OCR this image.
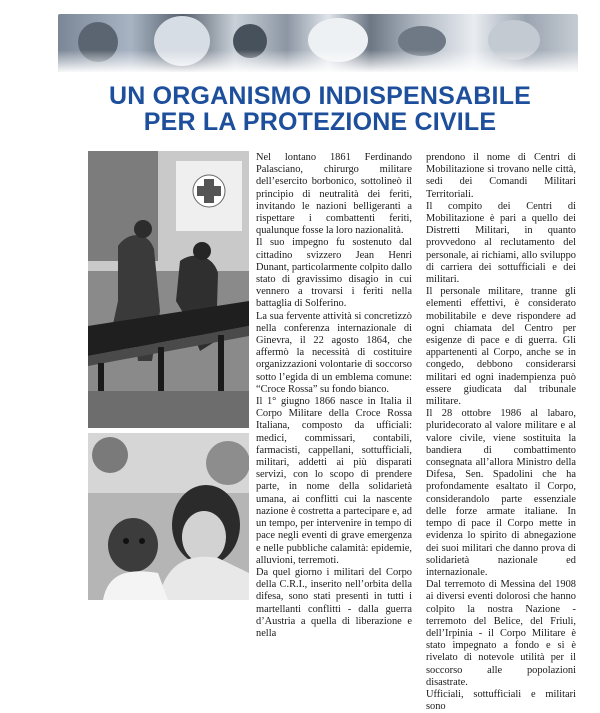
UN ORGANISMO INDISPENSABILE
PER LA PROTEZIONE CIVILE

Nel lontano 1861 Ferdinando Palasciano, chirurgo militare dell’esercito borbonico, sottolineò il principio di neutralità dei feriti, invitando le nazioni belligeranti a rispettare i combattenti feriti, qualunque fosse la loro nazionalità.

Il suo impegno fu sostenuto dal cittadino svizzero Jean Henri Dunant, particolarmente colpito dallo stato di gravissimo disagio in cui vennero a trovarsi i feriti nella battaglia di Solferino.

La sua fervente attività si concretizzò nella conferenza internazionale di Ginevra, il 22 agosto 1864, che affermò la necessità di costituire organizzazioni volontarie di soccorso sotto l’egida di un emblema comune: “Croce Rossa” su fondo bianco.

Il 1° giugno 1866 nasce in Italia il Corpo Militare della Croce Rossa Italiana, composto da ufficiali: medici, commissari, contabili, farmacisti, cappellani, sottufficiali, militari, addetti ai più disparati servizi, con lo scopo di prendere parte, in nome della solidarietà umana, ai conflitti cui la nascente nazione è costretta a partecipare e, ad un tempo, per intervenire in tempo di pace negli eventi di grave emergenza e nelle pubbliche calamità: epidemie, alluvioni, terremoti.

Da quel giorno i militari del Corpo della C.R.I., inserito nell’orbita della difesa, sono stati presenti in tutti i martellanti conflitti - dalla guerra d’Austria a quella di liberazione e nella

prendono il nome di Centri di Mobilitazione si trovano nelle città, sedi dei Comandi Militari Territoriali.

Il compito dei Centri di Mobilitazione è pari a quello dei Distretti Militari, in quanto provvedono al reclutamento del personale, ai richiami, allo sviluppo di carriera dei sottufficiali e dei militari.

Il personale militare, tranne gli elementi effettivi, è considerato mobilitabile e deve rispondere ad ogni chiamata del Centro per esigenze di pace e di guerra. Gli appartenenti al Corpo, anche se in congedo, debbono considerarsi militari ed ogni inadempienza può essere giudicata dal tribunale militare.

Il 28 ottobre 1986 al labaro, pluridecorato al valore militare e al valore civile, viene sostituita la bandiera di combattimento consegnata all’allora Ministro della Difesa, Sen. Spadolini che ha profondamente esaltato il Corpo, considerandolo parte essenziale delle forze armate italiane. In tempo di pace il Corpo mette in evidenza lo spirito di abnegazione dei suoi militari che danno prova di solidarietà nazionale ed internazionale.

Dal terremoto di Messina del 1908 ai diversi eventi dolorosi che hanno colpito la nostra Nazione - terremoto del Belice, del Friuli, dell’Irpinia - il Corpo Militare è stato impegnato a fondo e si è rivelato di notevole utilità per il soccorso alle popolazioni disastrate.

Ufficiali, sottufficiali e militari sono
